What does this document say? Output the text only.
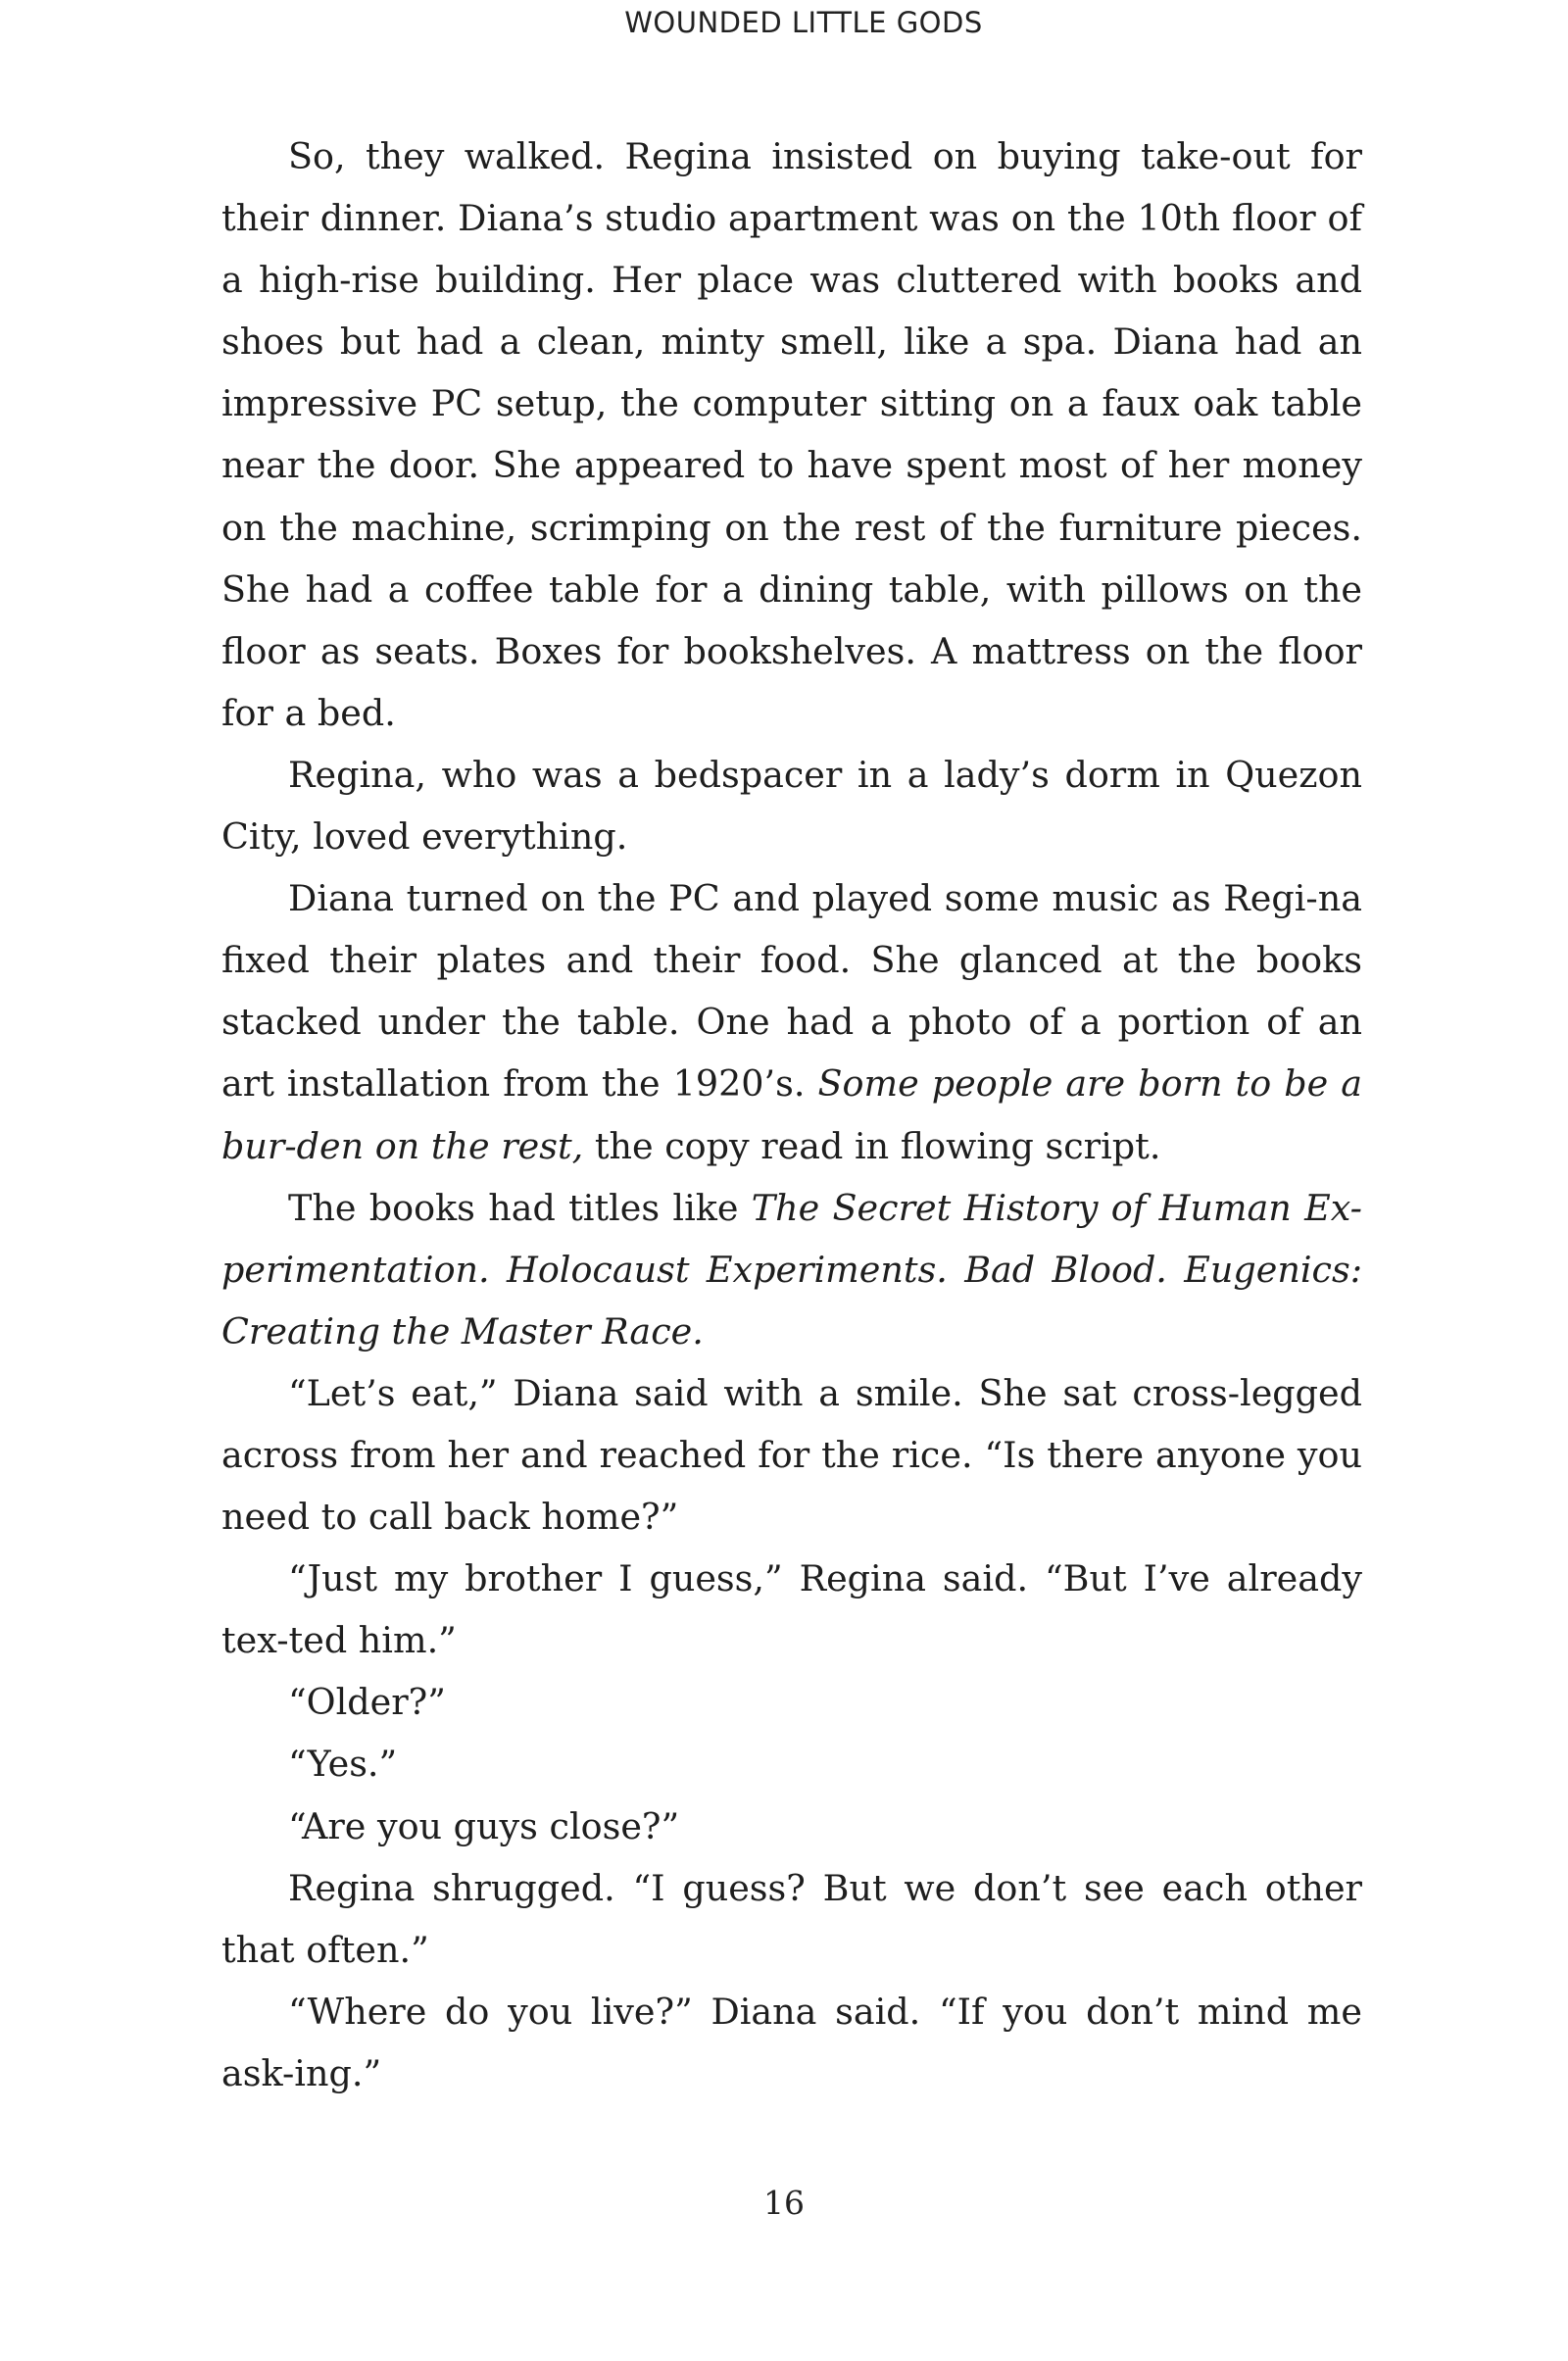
WOUNDED LITTLE GODS

So, they walked. Regina insisted on buying take-out for their dinner. Diana’s studio apartment was on the 10th floor of a high-rise building. Her place was cluttered with books and shoes but had a clean, minty smell, like a spa. Diana had an impressive PC setup, the computer sitting on a faux oak table near the door. She appeared to have spent most of her money on the machine, scrimping on the rest of the furniture pieces. She had a coffee table for a dining table, with pillows on the floor as seats. Boxes for bookshelves. A mattress on the floor for a bed.

Regina, who was a bedspacer in a lady’s dorm in Quezon City, loved everything.

Diana turned on the PC and played some music as Regi-na fixed their plates and their food. She glanced at the books stacked under the table. One had a photo of a portion of an art installation from the 1920’s. Some people are born to be a bur-den on the rest, the copy read in flowing script.

The books had titles like The Secret History of Human Ex-perimentation. Holocaust Experiments. Bad Blood. Eugenics: Creating the Master Race.

“Let’s eat,” Diana said with a smile. She sat cross-legged across from her and reached for the rice. “Is there anyone you need to call back home?”

“Just my brother I guess,” Regina said. “But I’ve already tex-ted him.”

“Older?”

“Yes.”

“Are you guys close?”

Regina shrugged. “I guess? But we don’t see each other that often.”

“Where do you live?” Diana said. “If you don’t mind me ask-ing.”

16
